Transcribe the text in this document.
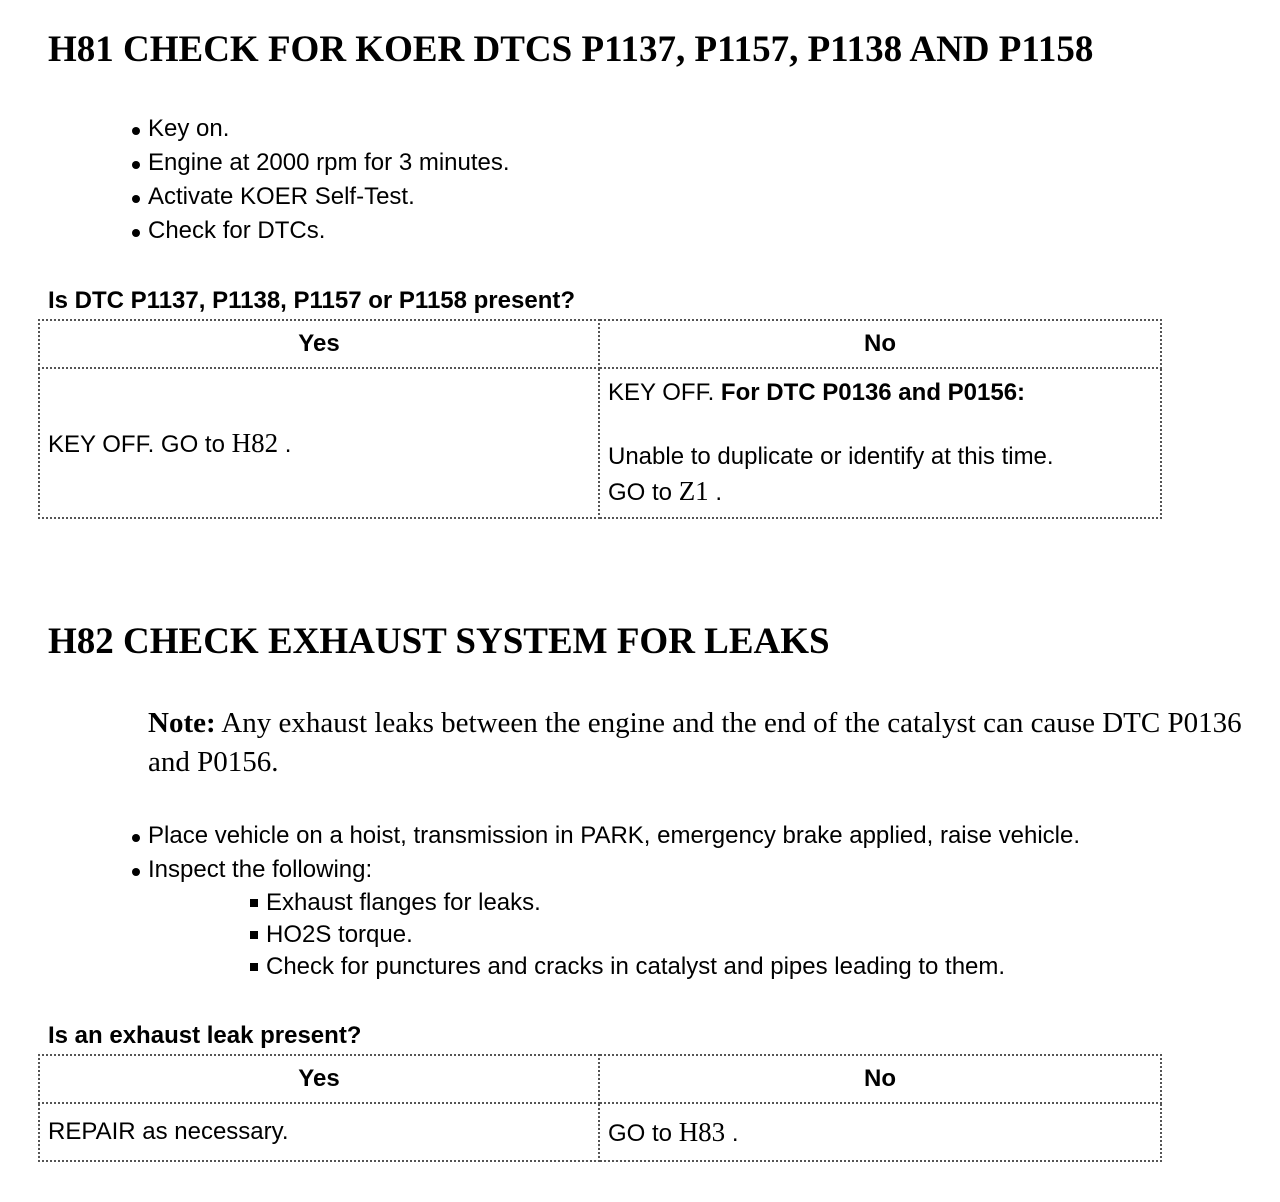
H81 CHECK FOR KOER DTCS P1137, P1157, P1138 AND P1158
Key on.
Engine at 2000 rpm for 3 minutes.
Activate KOER Self-Test.
Check for DTCs.

Is DTC P1137, P1138, P1157 or P1158 present?

Yes	No
KEY OFF. GO to H82 .	KEY OFF. For DTC P0136 and P0156:
Unable to duplicate or identify at this time.
GO to Z1 .
H82 CHECK EXHAUST SYSTEM FOR LEAKS

Note: Any exhaust leaks between the engine and the end of the catalyst can cause DTC P0136 and P0156.

Place vehicle on a hoist, transmission in PARK, emergency brake applied, raise vehicle.
Inspect the following:
Exhaust flanges for leaks.
HO2S torque.
Check for punctures and cracks in catalyst and pipes leading to them.

Is an exhaust leak present?

Yes	No
REPAIR as necessary.	GO to H83 .
